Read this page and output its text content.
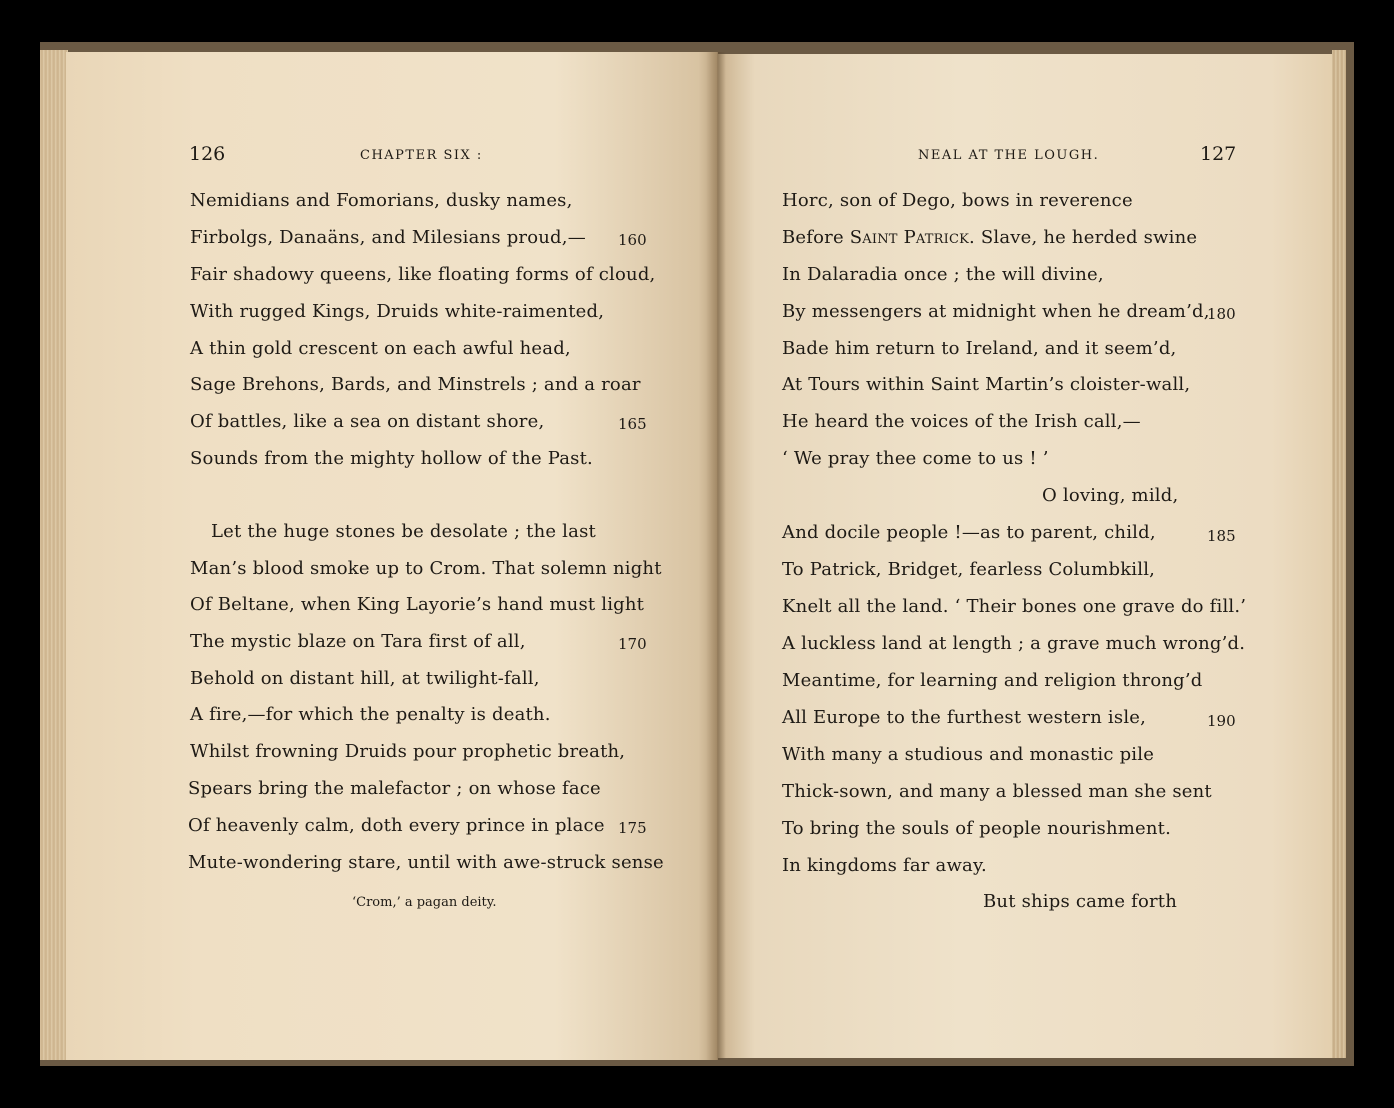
126	CHAPTER SIX :
Nemidians and Fomorians, dusky names,
Firbolgs, Danaäns, and Milesians proud,—
Fair shadowy queens, like floating forms of cloud,
With rugged Kings, Druids white-raimented,
A thin gold crescent on each awful head,
Sage Brehons, Bards, and Minstrels ; and a roar
Of battles, like a sea on distant shore,
Sounds from the mighty hollow of the Past.
Let the huge stones be desolate ; the last
Man’s blood smoke up to Crom. That solemn night
Of Beltane, when King Layorie’s hand must light
The mystic blaze on Tara first of all,
Behold on distant hill, at twilight-fall,
A fire,—for which the penalty is death.
Whilst frowning Druids pour prophetic breath,
Spears bring the malefactor ; on whose face
Of heavenly calm, doth every prince in place
Mute-wondering stare, until with awe-struck sense
160
165
170
175
‘Crom,’ a pagan deity.
NEAL AT THE LOUGH.	127
Horc, son of Dego, bows in reverence
Before Saint Patrick. Slave, he herded swine
In Dalaradia once ; the will divine,
By messengers at midnight when he dream’d,
Bade him return to Ireland, and it seem’d,
At Tours within Saint Martin’s cloister-wall,
He heard the voices of the Irish call,—
‘ We pray thee come to us ! ’
O loving, mild,
And docile people !—as to parent, child,
To Patrick, Bridget, fearless Columbkill,
Knelt all the land. ‘ Their bones one grave do fill.’
A luckless land at length ; a grave much wrong’d.
Meantime, for learning and religion throng’d
All Europe to the furthest western isle,
With many a studious and monastic pile
Thick-sown, and many a blessed man she sent
To bring the souls of people nourishment.
In kingdoms far away.
But ships came forth
180
185
190
